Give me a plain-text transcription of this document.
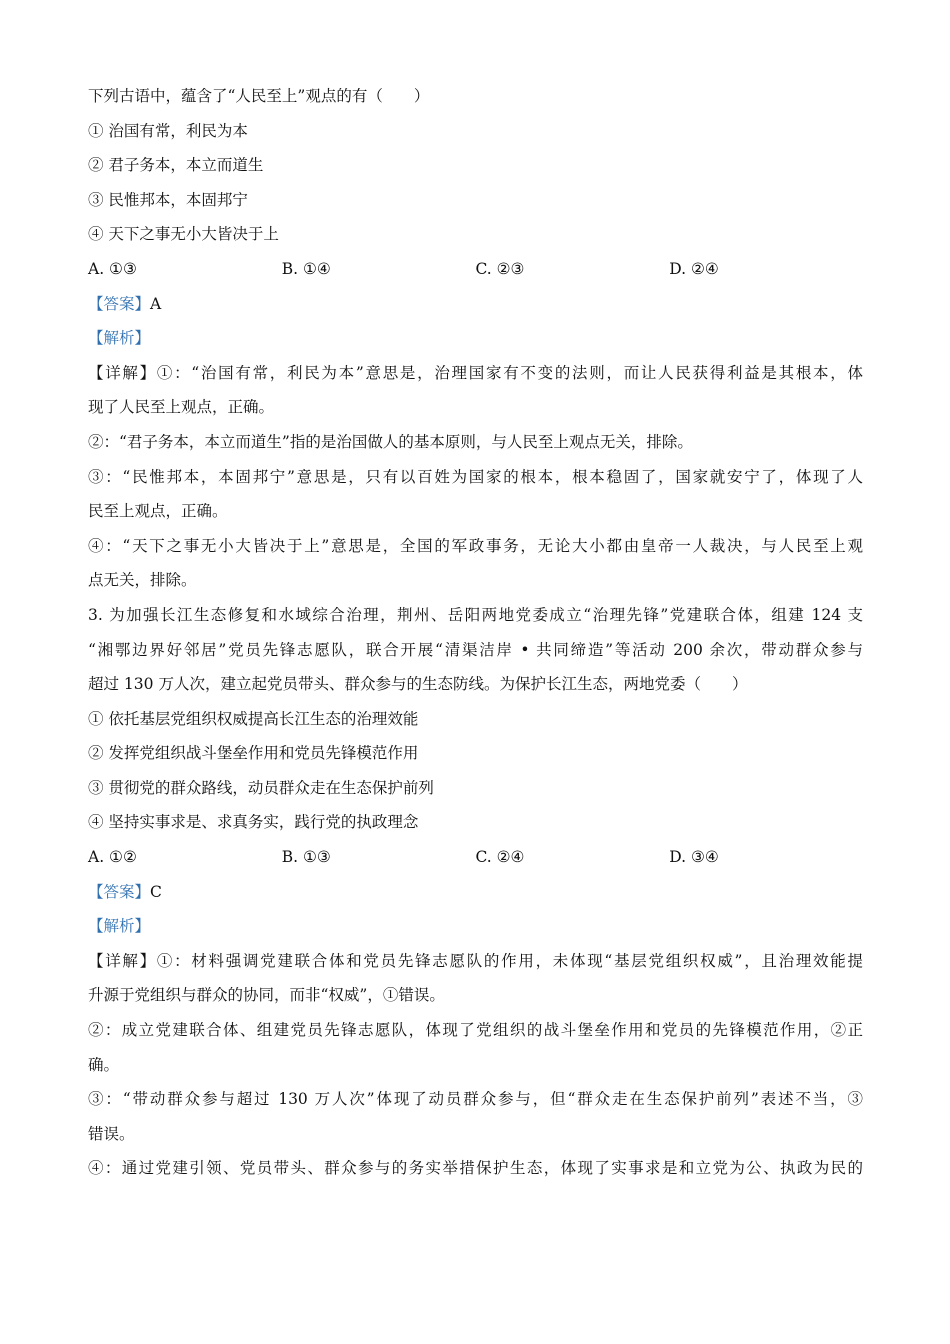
下列古语中，蕴含了“人民至上”观点的有（　　）
① 治国有常，利民为本
② 君子务本，本立而道生
③ 民惟邦本，本固邦宁
④ 天下之事无小大皆决于上
A. ①③	B. ①④	C. ②③	D. ②④
【答案】A
【解析】
【详解】①：“治国有常，利民为本”意思是，治理国家有不变的法则，而让人民获得利益是其根本，体
现了人民至上观点，正确。
②：“君子务本，本立而道生”指的是治国做人的基本原则，与人民至上观点无关，排除。
③：“民惟邦本，本固邦宁”意思是，只有以百姓为国家的根本，根本稳固了，国家就安宁了，体现了人
民至上观点，正确。
④：“天下之事无小大皆决于上”意思是，全国的军政事务，无论大小都由皇帝一人裁决，与人民至上观
点无关，排除。
3. 为加强长江生态修复和水域综合治理，荆州、岳阳两地党委成立“治理先锋”党建联合体，组建 124 支
“湘鄂边界好邻居”党员先锋志愿队，联合开展“清渠洁岸 • 共同缔造”等活动 200 余次，带动群众参与
超过 130 万人次，建立起党员带头、群众参与的生态防线。为保护长江生态，两地党委（　　）
① 依托基层党组织权威提高长江生态的治理效能
② 发挥党组织战斗堡垒作用和党员先锋模范作用
③ 贯彻党的群众路线，动员群众走在生态保护前列
④ 坚持实事求是、求真务实，践行党的执政理念
A. ①②	B. ①③	C. ②④	D. ③④
【答案】C
【解析】
【详解】①：材料强调党建联合体和党员先锋志愿队的作用，未体现“基层党组织权威”，且治理效能提
升源于党组织与群众的协同，而非“权威”，①错误。
②：成立党建联合体、组建党员先锋志愿队，体现了党组织的战斗堡垒作用和党员的先锋模范作用，②正
确。
③：“带动群众参与超过 130 万人次”体现了动员群众参与，但“群众走在生态保护前列”表述不当，③
错误。
④：通过党建引领、党员带头、群众参与的务实举措保护生态，体现了实事求是和立党为公、执政为民的
